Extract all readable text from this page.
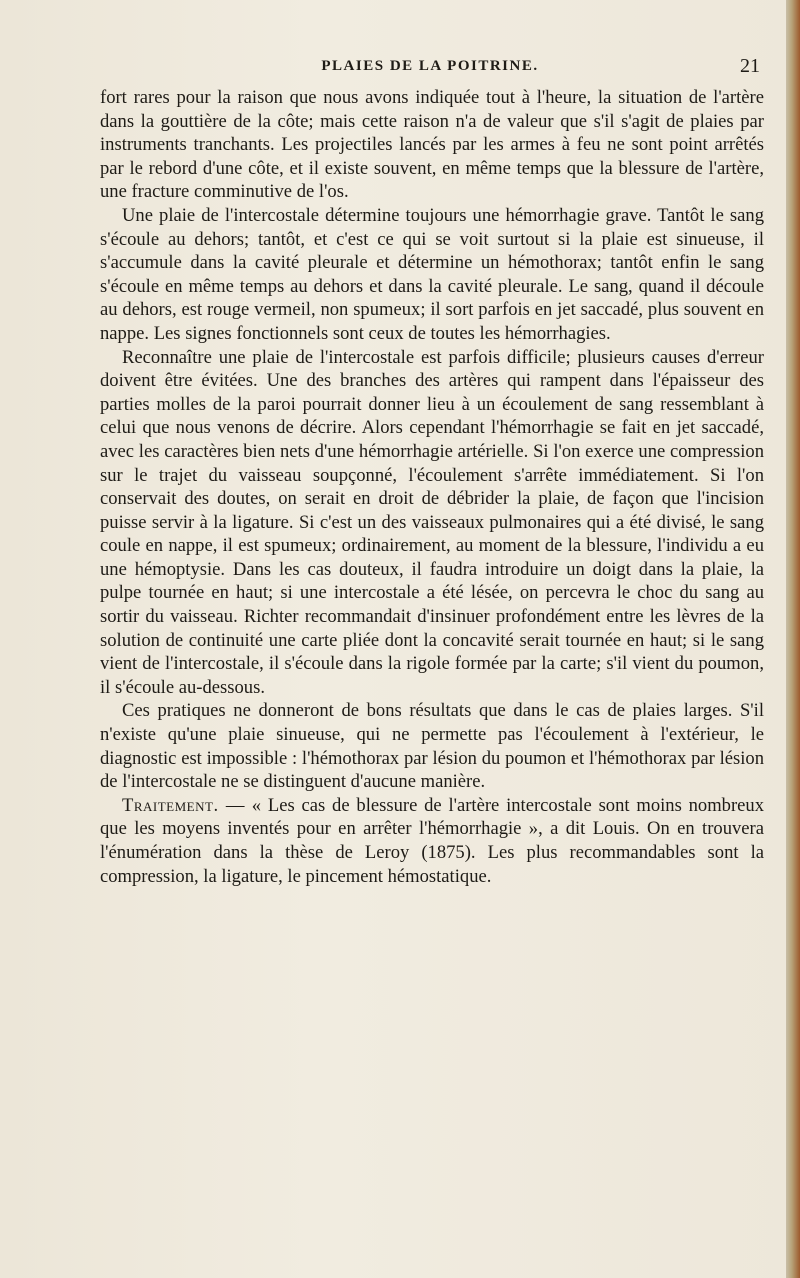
PLAIES DE LA POITRINE.	21

fort rares pour la raison que nous avons indiquée tout à l'heure, la situation de l'artère dans la gouttière de la côte; mais cette raison n'a de valeur que s'il s'agit de plaies par instruments tranchants. Les projectiles lancés par les armes à feu ne sont point arrêtés par le rebord d'une côte, et il existe souvent, en même temps que la blessure de l'artère, une fracture comminutive de l'os.

Une plaie de l'intercostale détermine toujours une hémorrhagie grave. Tantôt le sang s'écoule au dehors; tantôt, et c'est ce qui se voit surtout si la plaie est sinueuse, il s'accumule dans la cavité pleurale et détermine un hémothorax; tantôt enfin le sang s'écoule en même temps au dehors et dans la cavité pleurale. Le sang, quand il découle au dehors, est rouge vermeil, non spumeux; il sort parfois en jet saccadé, plus souvent en nappe. Les signes fonctionnels sont ceux de toutes les hémorrhagies.

Reconnaître une plaie de l'intercostale est parfois difficile; plusieurs causes d'erreur doivent être évitées. Une des branches des artères qui rampent dans l'épaisseur des parties molles de la paroi pourrait donner lieu à un écoulement de sang ressemblant à celui que nous venons de décrire. Alors cependant l'hémorrhagie se fait en jet saccadé, avec les caractères bien nets d'une hémorrhagie artérielle. Si l'on exerce une compression sur le trajet du vaisseau soupçonné, l'écoulement s'arrête immédiatement. Si l'on conservait des doutes, on serait en droit de débrider la plaie, de façon que l'incision puisse servir à la ligature. Si c'est un des vaisseaux pulmonaires qui a été divisé, le sang coule en nappe, il est spumeux; ordinairement, au moment de la blessure, l'individu a eu une hémoptysie. Dans les cas douteux, il faudra introduire un doigt dans la plaie, la pulpe tournée en haut; si une intercostale a été lésée, on percevra le choc du sang au sortir du vaisseau. Richter recommandait d'insinuer profondément entre les lèvres de la solution de continuité une carte pliée dont la concavité serait tournée en haut; si le sang vient de l'intercostale, il s'écoule dans la rigole formée par la carte; s'il vient du poumon, il s'écoule au-dessous.

Ces pratiques ne donneront de bons résultats que dans le cas de plaies larges. S'il n'existe qu'une plaie sinueuse, qui ne permette pas l'écoulement à l'extérieur, le diagnostic est impossible : l'hémothorax par lésion du poumon et l'hémothorax par lésion de l'intercostale ne se distinguent d'aucune manière.

Traitement. — « Les cas de blessure de l'artère intercostale sont moins nombreux que les moyens inventés pour en arrêter l'hémorrhagie », a dit Louis. On en trouvera l'énumération dans la thèse de Leroy (1875). Les plus recommandables sont la compression, la ligature, le pincement hémostatique.
